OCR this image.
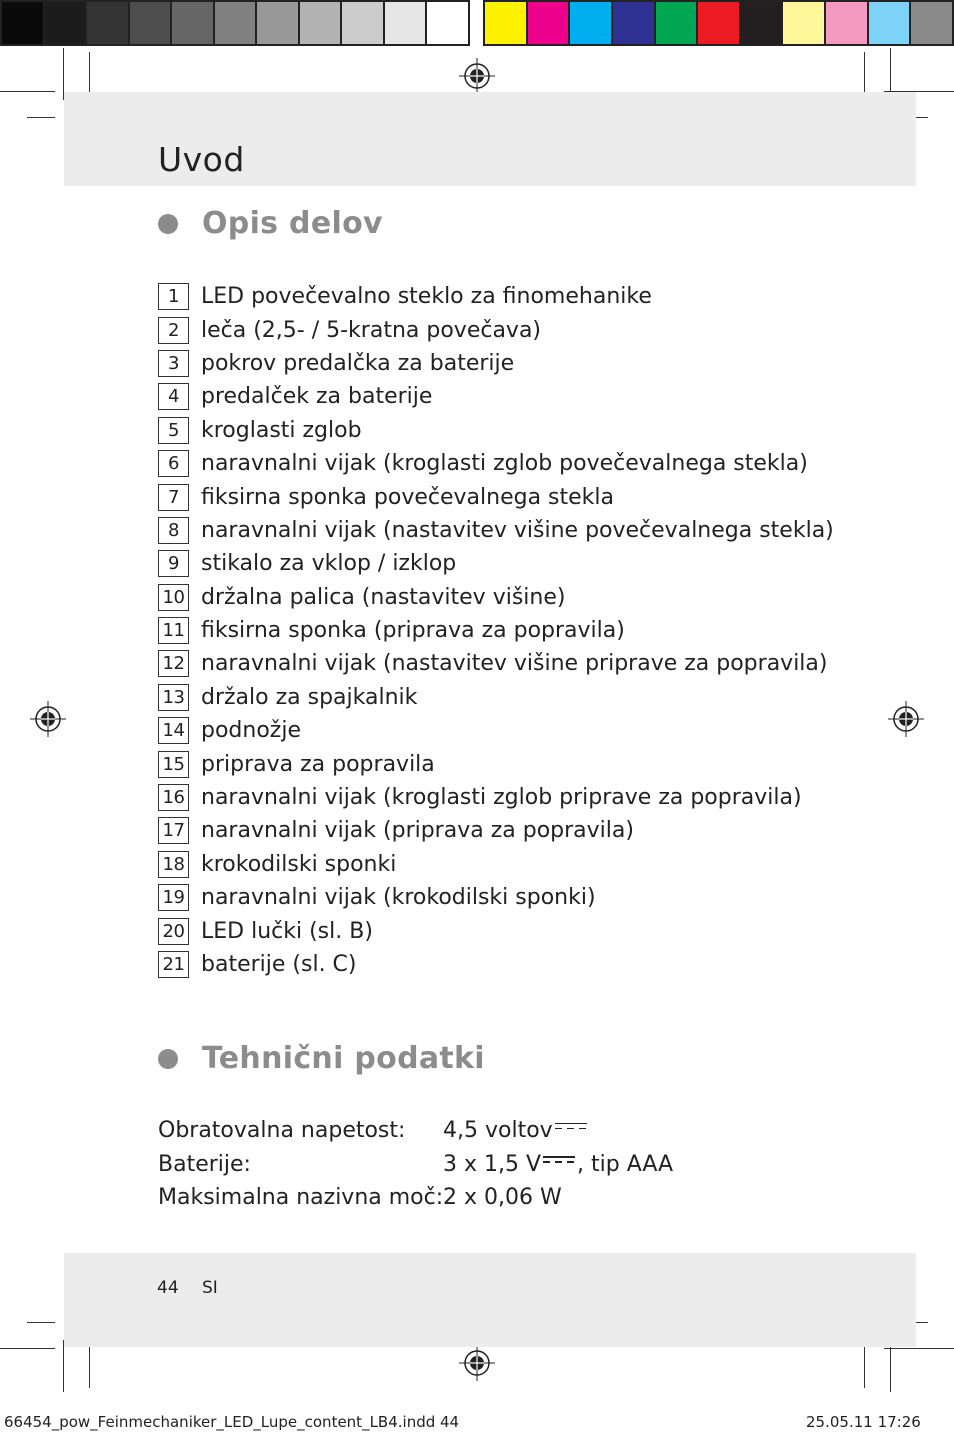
Uvod
Opis delov
1	LED povečevalno steklo za finomehanike
2	leča (2,5- / 5-kratna povečava)
3	pokrov predalčka za baterije
4	predalček za baterije
5	kroglasti zglob
6	naravnalni vijak (kroglasti zglob povečevalnega stekla)
7	fiksirna sponka povečevalnega stekla
8	naravnalni vijak (nastavitev višine povečevalnega stekla)
9	stikalo za vklop / izklop
10 držalna palica (nastavitev višine)
11 fiksirna sponka (priprava za popravila)
12 naravnalni vijak (nastavitev višine priprave za popravila)
13 držalo za spajkalnik
14 podnožje
15 priprava za popravila
16 naravnalni vijak (kroglasti zglob priprave za popravila)
17 naravnalni vijak (priprava za popravila)
18 krokodilski sponki
19 naravnalni vijak (krokodilski sponki)
20 LED lučki (sl. B)
21 baterije (sl. C)
Tehnični podatki
Obratovalna napetost:	4,5 voltov
Baterije:	3 x 1,5 V , tip AAA
Maksimalna nazivna moč: 2 x 0,06 W
44 SI
66454_pow_Feinmechaniker_LED_Lupe_content_LB4.indd 44	25.05.11 17:26
